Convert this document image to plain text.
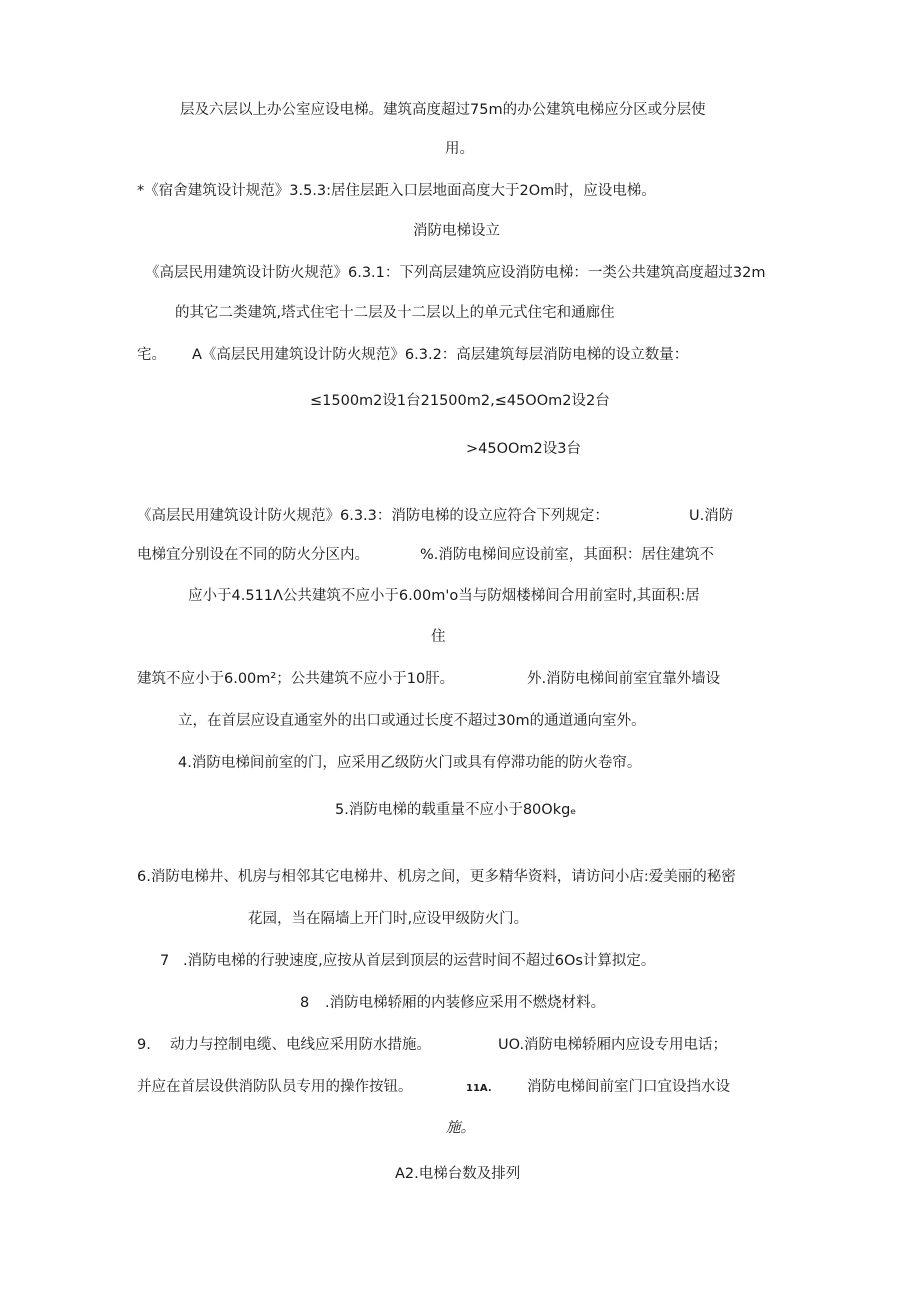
层及六层以上办公室应设电梯。建筑高度超过75m的办公建筑电梯应分区或分层使
用。
*《宿舍建筑设计规范》3.5.3:居住层距入口层地面高度大于2Om时，应设电梯。
消防电梯设立
《高层民用建筑设计防火规范》6.3.1：下列高层建筑应设消防电梯：一类公共建筑高度超过32m
的其它二类建筑,塔式住宅十二层及十二层以上的单元式住宅和通廊住
宅。 A《高层民用建筑设计防火规范》6.3.2：高层建筑每层消防电梯的设立数量：
≤1500m2设1台21500m2,≤45OOm2设2台
>45OOm2设3台
《高层民用建筑设计防火规范》6.3.3：消防电梯的设立应符合下列规定：	U.消防
电梯宜分别设在不同的防火分区内。	%.消防电梯间应设前室，其面积：居住建筑不
应小于4.511Λ公共建筑不应小于6.00m'o当与防烟楼梯间合用前室时,其面积:居
住
建筑不应小于6.00m²；公共建筑不应小于10肝。	外.消防电梯间前室宜靠外墙设
立，在首层应设直通室外的出口或通过长度不超过30m的通道通向室外。
4.消防电梯间前室的门，应采用乙级防火门或具有停滞功能的防火卷帘。
5.消防电梯的载重量不应小于80Okgₑ
6.消防电梯井、机房与相邻其它电梯井、机房之间，更多精华资料，请访问小店:爱美丽的秘密
花园，当在隔墙上开门时,应设甲级防火门。
7 .消防电梯的行驶速度,应按从首层到顶层的运营时间不超过6Os计算拟定。
8 .消防电梯轿厢的内装修应采用不燃烧材料。
9. 动力与控制电缆、电线应采用防水措施。	UO.消防电梯轿厢内应设专用电话；
并应在首层设供消防队员专用的操作按钮。	11A. 消防电梯间前室门口宜设挡水设
施。
A2.电梯台数及排列
